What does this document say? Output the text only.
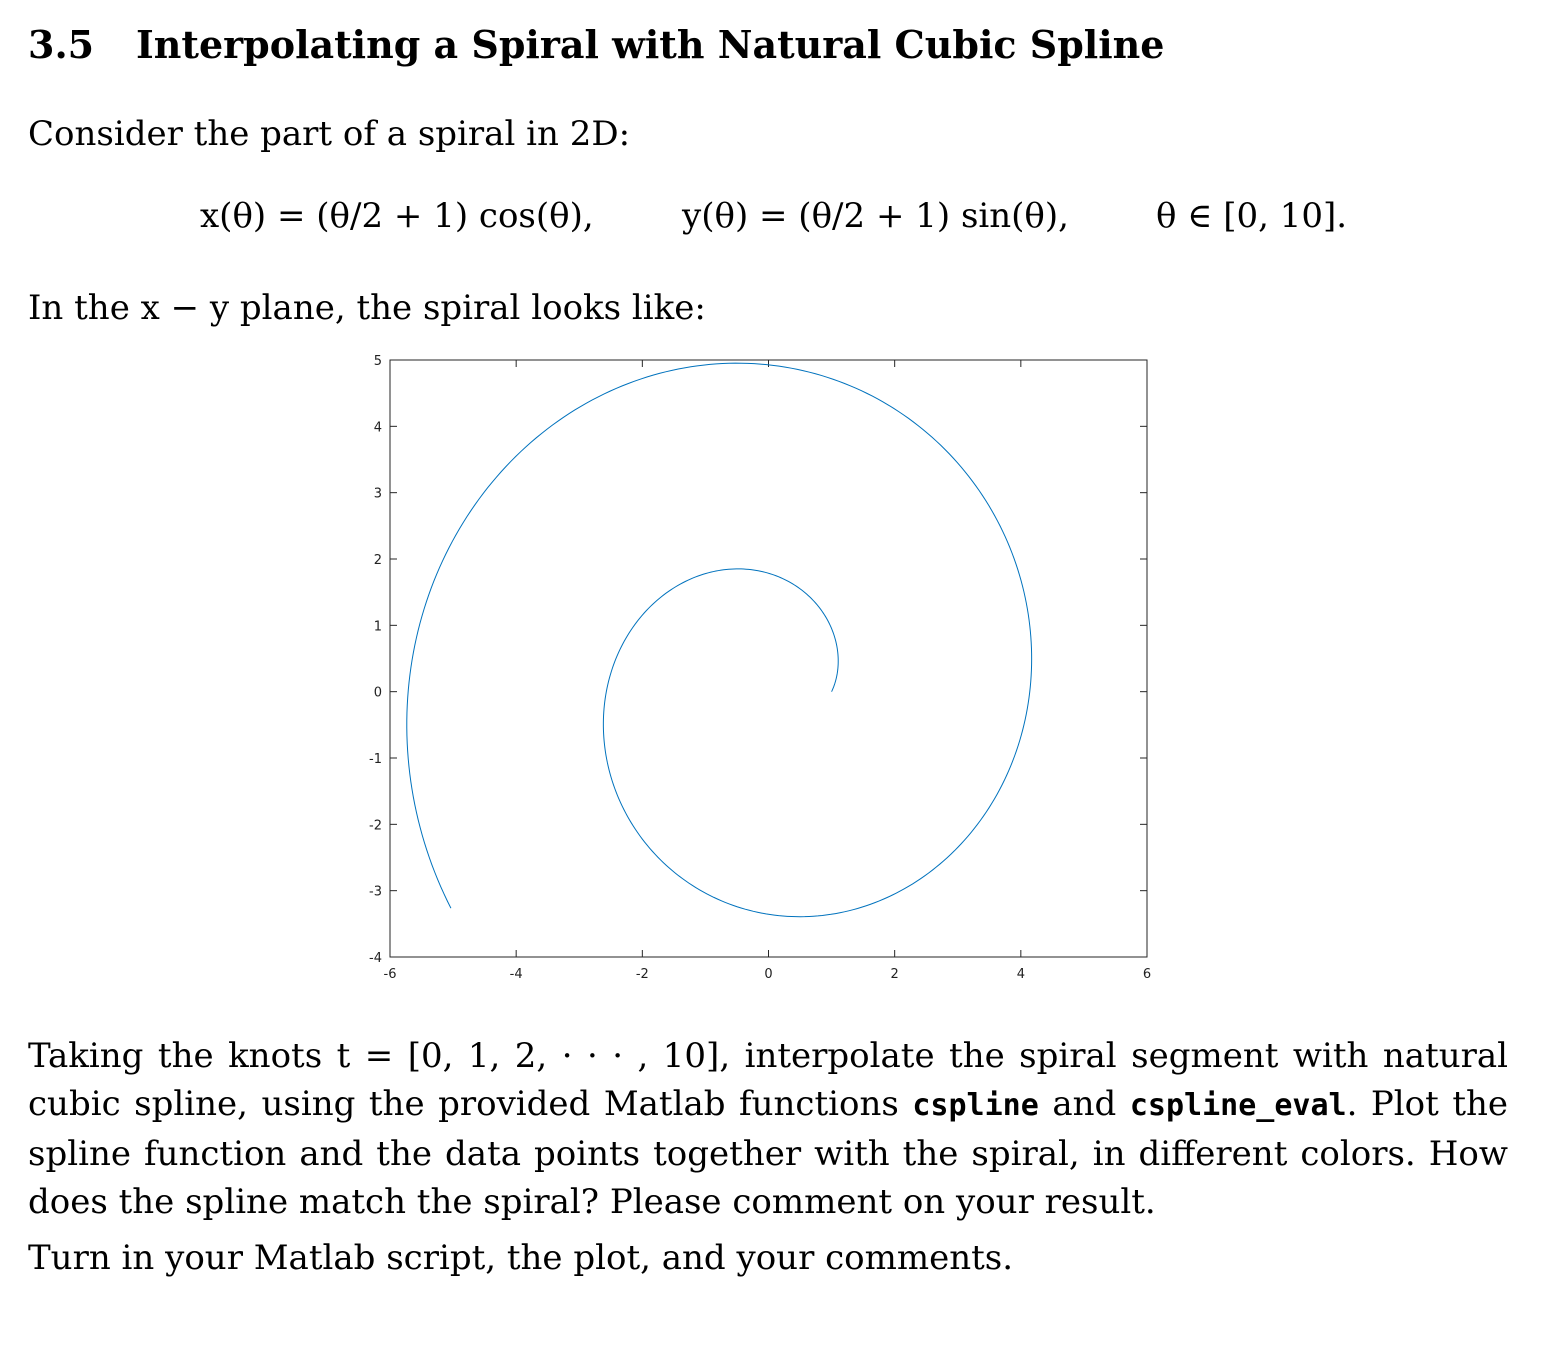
3.5 Interpolating a Spiral with Natural Cubic Spline
Consider the part of a spiral in 2D:
x(θ) = (θ/2 + 1) cos(θ),	y(θ) = (θ/2 + 1) sin(θ),	θ ∈ [0, 10].
In the x − y plane, the spiral looks like:
-6	-4	-2	0	2	4	6
-4
-3
-2
-1
0
1
2
3
4
5
Taking the knots t = [0, 1, 2, · · · , 10], interpolate the spiral segment with natural cubic spline, using the provided Matlab functions cspline and cspline_eval. Plot the spline function and the data points together with the spiral, in different colors. How does the spline match the spiral? Please comment on your result.
Turn in your Matlab script, the plot, and your comments.
